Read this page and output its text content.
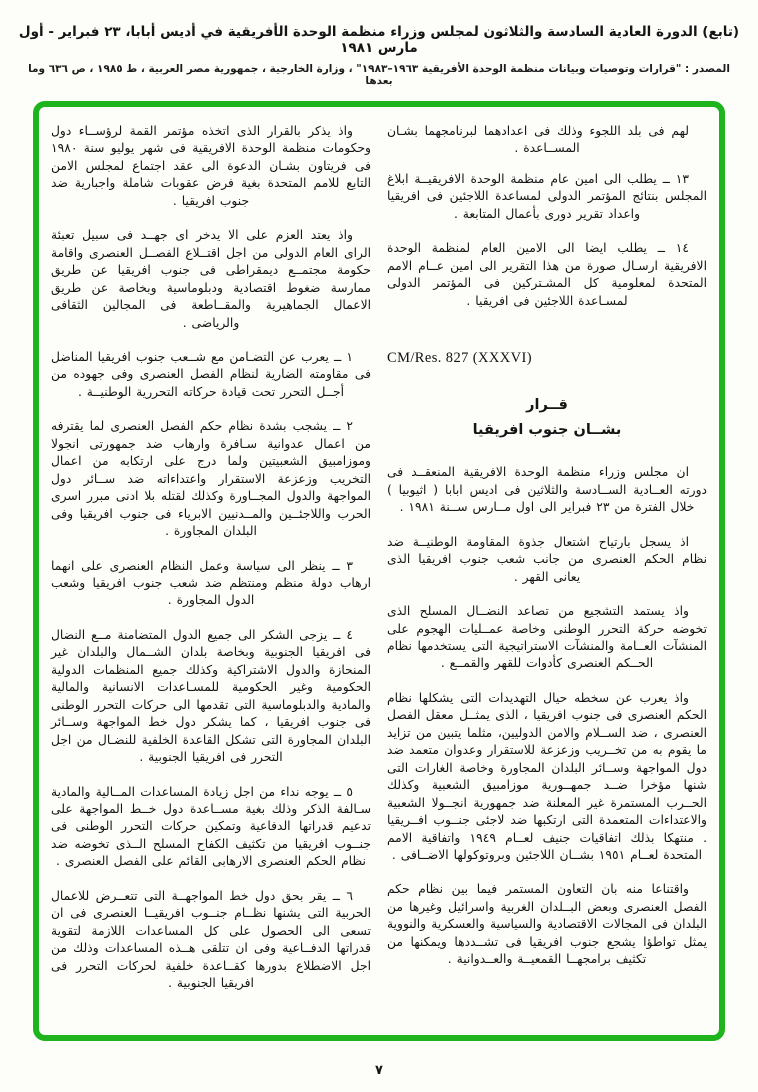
(تابع) الدورة العادية السادسة والثلاثون لمجلس وزراء منظمة الوحدة الأفريقية في أديس أبابا، ٢٣ فبراير - أول مارس ١٩٨١
المصدر : "قرارات وتوصيات وبيانات منظمة الوحدة الأفريقية ١٩٦٣–١٩٨٣" ، وزارة الخارجية ، جمهورية مصر العربية ، ط ١٩٨٥ ، ص ٦٣٦ وما بعدها

لهم فى بلد اللجوء وذلك فى اعدادهما لبرنامجهما بشـان المســاعدة .

١٣ ــ يطلب الى امين عام منظمة الوحدة الافريقيــة ابلاغ المجلس بنتائج المؤتمر الدولى لمساعدة اللاجئين فى افريقيا واعداد تقرير دورى بأعمال المتابعة .

١٤ ــ يطلب ايضا الى الامين العام لمنظمة الوحدة الافريقية ارسـال صورة من هذا التقرير الى امين عــام الامم المتحدة لمعلومية كل المشـتركين فى المؤتمر الدولى لمسـاعدة اللاجئين فى افريقيا .

CM/Res. 827 (XXXVI)
قــرار
بشــان جنوب افريقيا

ان مجلس وزراء منظمة الوحدة الافريقية المنعقــد فى دورته العــادية الســادسة والثلاثين فى اديس ابابا ( اثيوبيا ) خلال الفترة من ٢٣ فبراير الى اول مــارس ســنة ١٩٨١ .

اذ يسجل بارتياح اشتعال جذوة المقاومة الوطنيــة ضد نظام الحكم العنصرى من جانب شعب جنوب افريقيا الذى يعانى القهر .

واذ يستمد التشجيع من تصاعد النضــال المسلح الذى تخوضه حركة التحرر الوطنى وخاصة عمــليات الهجوم على المنشآت العــامة والمنشآت الاستراتيجية التى يستخدمها نظام الحــكم العنصرى كأدوات للقهر والقمــع .

واذ يعرب عن سخطه حيال التهديدات التى يشكلها نظام الحكم العنصرى فى جنوب افريقيا ، الذى يمثــل معقل الفصل العنصرى ، ضد الســلام والامن الدوليين، مثلما يتبين من تزايد ما يقوم به من تخــريب وزعزعة للاستقرار وعدوان متعمد ضد دول المواجهة وســائر البلدان المجاورة وخاصة الغارات التى شنها مؤخرا ضــد جمهــورية موزامبيق الشعبية وكذلك الحــرب المستمرة غير المعلنة ضد جمهورية انجــولا الشعبية والاعتداءات المتعمدة التى ارتكبها ضد لاجئى جنــوب افــريقيا . منتهكا بذلك اتفاقيات جنيف لعــام ١٩٤٩ واتفاقية الامم المتحدة لعــام ١٩٥١ بشــان اللاجئين وبروتوكولها الاضــافى .

واقتناعا منه بان التعاون المستمر فيما بين نظام حكم الفصل العنصرى وبعض البــلدان الغربية واسرائيل وغيرها من البلدان فى المجالات الاقتصادية والسياسية والعسكرية والنووية يمثل تواطؤا يشجع جنوب افريقيا فى تشــددها ويمكنها من تكثيف برامجهــا القمعيــة والعــدوانية .

واذ يذكر بالقرار الذى اتخذه مؤتمر القمة لرؤســاء دول وحكومات منظمة الوحدة الافريقية فى شهر يوليو سنة ١٩٨٠ فى فريتاون بشـان الدعوة الى عقد اجتماع لمجلس الامن التابع للامم المتحدة بغية فرض عقوبات شاملة واجبارية ضد جنوب افريقيا .

واذ يعتد العزم على الا يدخر اى جهــد فى سبيل تعبئة الراى العام الدولى من اجل اقتــلاع الفصــل العنصرى واقامة حكومة مجتمــع ديمقراطى فى جنوب افريقيا عن طريق ممارسة ضغوط اقتصادية ودبلوماسية وبخاصة عن طريق الاعمال الجماهيرية والمقــاطعة فى المجالين الثقافى والرياضى .

١ ــ يعرب عن التضـامن مع شــعب جنوب افريقيا المناضل فى مقاومته الضارية لنظام الفصل العنصرى وفى جهوده من أجــل التحرر تحت قيادة حركاته التحررية الوطنيــة .

٢ ــ يشجب بشدة نظام حكم الفصل العنصرى لما يقترفه من اعمال عدوانية سـافرة وارهاب ضد جمهورتى انجولا وموزامبيق الشعبيتين ولما درج على ارتكابه من اعمال التخريب وزعزعة الاستقرار واعتداءاته ضد ســائر دول المواجهة والدول المجــاورة وكذلك لقتله بلا ادنى مبرر اسرى الحرب واللاجئــين والمــدنيين الابرياء فى جنوب افريقيا وفى البلدان المجاورة .

٣ ــ ينظر الى سياسة وعمل النظام العنصرى على انهما ارهاب دولة منظم ومنتظم ضد شعب جنوب افريقيا وشعب الدول المجاورة .

٤ ــ يزجى الشكر الى جميع الدول المتضامنة مــع النضال فى افريقيا الجنوبية وبخاصة بلدان الشــمال والبلدان غير المنحازة والدول الاشتراكية وكذلك جميع المنظمات الدولية الحكومية وغير الحكومية للمسـاعدات الانسانية والمالية والمادية والدبلوماسية التى تقدمها الى حركات التحرر الوطنى فى جنوب افريقيا ، كما يشكر دول خط المواجهة وســائر البلدان المجاورة التى تشكل القاعدة الخلفية للنضـال من اجل التحرر فى افريقيا الجنوبية .

٥ ــ يوجه نداء من اجل زيادة المساعدات المــالية والمادية سـالفة الذكر وذلك بغية مســاعدة دول خــط المواجهة على تدعيم قدراتها الدفاعية وتمكين حركات التحرر الوطنى فى جنــوب افريقيا من تكثيف الكفاح المسلح الــذى تخوضه ضد نظام الحكم العنصرى الارهابى القائم على الفصل العنصرى .

٦ ــ يقر بحق دول خط المواجهــة التى تتعــرض للاعمال الحربية التى يشنها نظــام جنــوب افريقيــا العنصرى فى ان تسعى الى الحصول على كل المساعدات اللازمة لتقوية قدراتها الدفــاعية وفى ان تتلقى هــذه المساعدات وذلك من اجل الاضطلاع بدورها كقــاعدة خلفية لحركات التحرر فى افريقيا الجنوبية .

٧
